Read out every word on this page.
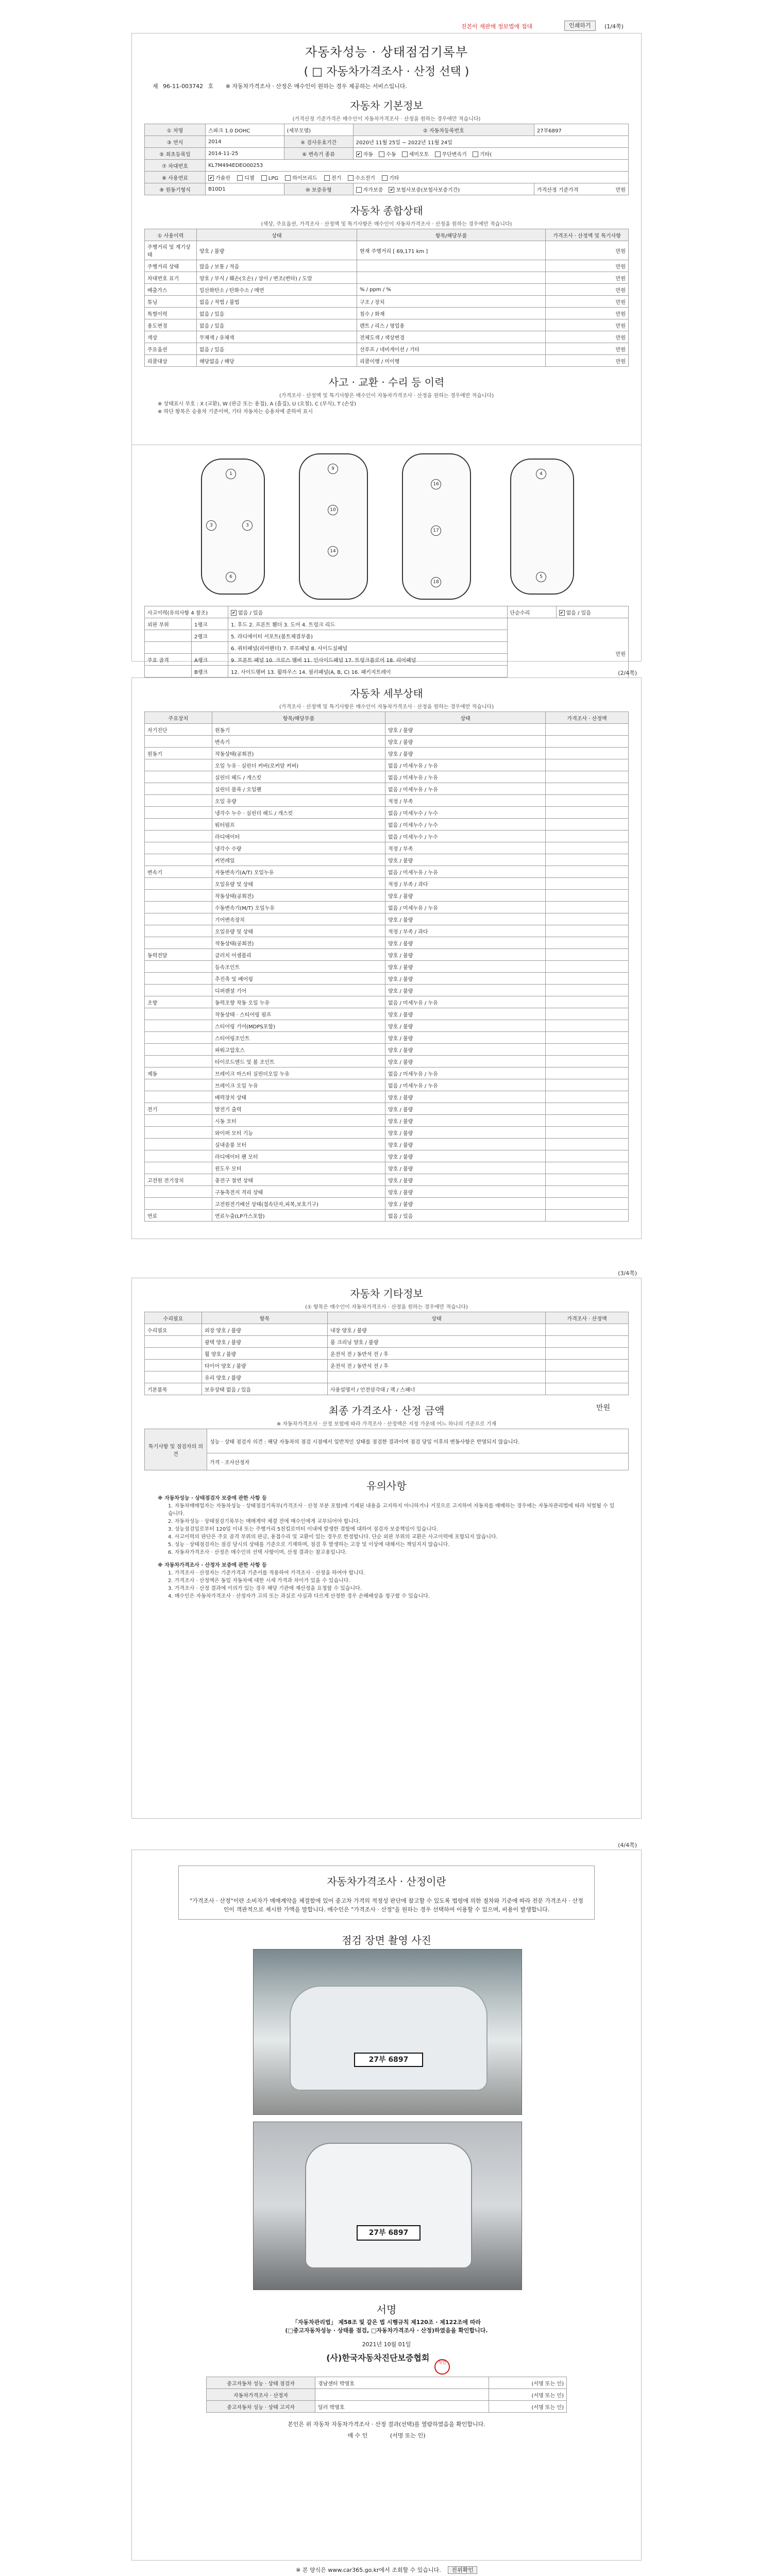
진본이 재판매 정보법에 접대	인쇄하기	(1/4쪽)
자동차성능 · 상태점검기록부
( □ 자동차가격조사 · 산정 선택 )
제 96-11-003742 호 ※ 자동차가격조사 · 산정은 매수인이 원하는 경우 제공하는 서비스입니다.
자동차 기본정보
(가격산정 기준가격은 매수인이 자동차가격조사 · 산정을 원하는 경우에만 적습니다)
① 차명	스파크 1.0 DOHC	(세부모델)	② 자동차등록번호	27부6897
③ 연식	2014	④ 검사유효기간	2020년 11월 25일 ~ 2022년 11월 24일	
⑤ 최초등록일	2014-11-25	⑥ 변속기 종류	✔자동 수동 세미오토 무단변속기 기타(
⑦ 차대번호	KL7M494EDEO00253			
⑧ 사용연료	✔가솔린 디젤 LPG 하이브리드 전기 수소전기 기타
⑨ 원동기형식	B10D1	⑩ 보증유형	자가보증 ✔ 보험사보증(보험사보증기간)	가격산정 기준가격 만원
자동차 종합상태
(색상, 주요옵션, 가격조사 · 산정액 및 특기사항은 매수인이 자동차가격조사 · 산정을 원하는 경우에만 적습니다)
① 사용이력	상태	항목/해당부품	가격조사 · 산정액 및 특기사항
주행거리 및 계기상태	양호 / 불량	현재 주행거리 [ 69,171 km ]	만원
주행거리 상태	많음 / 보통 / 적음		만원
차대번호 표기	양호 / 부식 / 훼손(오손) / 상이 / 변조(변타) / 도말		만원
배출가스	일산화탄소 / 탄화수소 / 매연	% / ppm / %	만원
튜닝	없음 / 적법 / 불법	구조 / 장치	만원
특별이력	없음 / 있음	침수 / 화재	만원
용도변경	없음 / 있음	렌트 / 리스 / 영업용	만원
색상	무채색 / 유채색	전체도색 / 색상변경	만원
주요옵션	없음 / 있음	선루프 / 네비게이션 / 기타	만원
리콜대상	해당없음 / 해당	리콜이행 / 미이행	만원
사고 · 교환 · 수리 등 이력
(가격조사 · 산정액 및 특기사항은 매수인이 자동차가격조사 · 산정을 원하는 경우에만 적습니다)
※ 상태표시 부호 : X (교환), W (판금 또는 용접), A (흠집), U (요철), C (부식), T (손상)
※ 하단 항목은 승용차 기준이며, 기타 자동차는 승용차에 준하여 표시
1
3	3
6
9
10
14
16
17
18
4
5
사고이력(유의사항 4 참조)	✔없음 / 있음	단순수리	✔없음 / 있음
외판 부위	1랭크	1. 후드 2. 프론트 휀더 3. 도어 4. 트렁크 리드	만원	
	2랭크	5. 라디에이터 서포트(볼트체결부품)		
		6. 쿼터패널(리어펜더) 7. 루프패널 8. 사이드실패널		
주요 골격	A랭크	9. 프론트 패널 10. 크로스 멤버 11. 인사이드패널 17. 트렁크플로어 18. 리어패널		
	B랭크	12. 사이드멤버 13. 휠하우스 14. 필러패널(A, B, C) 16. 패키지트레이		
			(2/4쪽)
자동차 세부상태
(가격조사 · 산정액 및 특기사항은 매수인이 자동차가격조사 · 산정을 원하는 경우에만 적습니다)
주요장치	항목/해당부품	상태	가격조사 · 산정액
자기진단	원동기	양호 / 불량	
	변속기	양호 / 불량	
원동기	작동상태(공회전)	양호 / 불량	
	오일 누유 · 실린더 커버(로커암 커버)	없음 / 미세누유 / 누유	
	실린더 헤드 / 개스킷	없음 / 미세누유 / 누유	
	실린더 블록 / 오일팬	없음 / 미세누유 / 누유	
	오일 유량	적정 / 부족	
	냉각수 누수 · 실린더 헤드 / 개스킷	없음 / 미세누수 / 누수	
	워터펌프	없음 / 미세누수 / 누수	
	라디에이터	없음 / 미세누수 / 누수	
	냉각수 수량	적정 / 부족	
	커먼레일	양호 / 불량	
변속기	자동변속기(A/T) 오일누유	없음 / 미세누유 / 누유	
	오일유량 및 상태	적정 / 부족 / 과다	
	작동상태(공회전)	양호 / 불량	
	수동변속기(M/T) 오일누유	없음 / 미세누유 / 누유	
	기어변속장치	양호 / 불량	
	오일유량 및 상태	적정 / 부족 / 과다	
	작동상태(공회전)	양호 / 불량	
동력전달	클러치 어셈블리	양호 / 불량	
	등속조인트	양호 / 불량	
	추진축 및 베어링	양호 / 불량	
	디퍼렌셜 기어	양호 / 불량	
조향	동력조향 작동 오일 누유	없음 / 미세누유 / 누유	
	작동상태 · 스티어링 펌프	양호 / 불량	
	스티어링 기어(MDPS포함)	양호 / 불량	
	스티어링조인트	양호 / 불량	
	파워고압호스	양호 / 불량	
	타이로드엔드 및 볼 조인트	양호 / 불량	
제동	브레이크 마스터 실린더오일 누유	없음 / 미세누유 / 누유	
	브레이크 오일 누유	없음 / 미세누유 / 누유	
	배력장치 상태	양호 / 불량	
전기	발전기 출력	양호 / 불량	
	시동 모터	양호 / 불량	
	와이퍼 모터 기능	양호 / 불량	
	실내송풍 모터	양호 / 불량	
	라디에이터 팬 모터	양호 / 불량	
	윈도우 모터	양호 / 불량	
고전원 전기장치	충전구 절연 상태	양호 / 불량	
	구동축전지 격리 상태	양호 / 불량	
	고전원전기배선 상태(접속단자,피복,보호기구)	양호 / 불량	
연료	연료누출(LP가스포함)	없음 / 있음	
(3/4쪽)
자동차 기타정보
(① 항목은 매수인이 자동차가격조사 · 산정을 원하는 경우에만 적습니다)
수리필요	항목	상태	가격조사 · 산정액
수리필요	외장 양호 / 불량	내장 양호 / 불량	
	광택 양호 / 불량	룸 크리닝 양호 / 불량	
	휠 양호 / 불량	운전석 전 / 동반석 전 / 후	
	타이어 양호 / 불량	운전석 전 / 동반석 전 / 후	
	유리 양호 / 불량		
기본품목	보유상태 없음 / 있음	사용설명서 / 안전삼각대 / 잭 / 스패너	
최종 가격조사 · 산정 금액	만원
※ 자동차가격조사 · 산정 보험에 따라 가격조사 · 산정액은 지정 가운데 어느 하나의 기준으로 기재
특기사항 및 점검자의 의견	성능 · 상태 점검자 의견 : 해당 자동차의 점검 시점에서 일반적인 상태를 점검한 결과이며 점검 당일 이후의 변동사항은 반영되지 않습니다.
가격 · 조사산정자
유의사항
※ 자동차성능 · 상태점검자 보증에 관한 사항 등
1. 자동차매매업자는 자동차성능 · 상태점검기록부(가격조사 · 산정 부분 포함)에 기재된 내용을 고지하지 아니하거나 거짓으로 고지하여 자동차를 매매하는 경우에는 자동차관리법에 따라 처벌될 수 있습니다.
2. 자동차성능 · 상태점검기록부는 매매계약 체결 전에 매수인에게 교부되어야 합니다.
3. 성능점검일로부터 120일 이내 또는 주행거리 5천킬로미터 이내에 발생한 결함에 대하여 점검자 보증책임이 있습니다.
4. 사고이력의 판단은 주요 골격 부위의 판금, 용접수리 및 교환이 있는 경우로 한정합니다. 단순 외판 부위의 교환은 사고이력에 포함되지 않습니다.
5. 성능 · 상태점검자는 점검 당시의 상태를 기준으로 기재하며, 점검 후 발생하는 고장 및 이상에 대해서는 책임지지 않습니다.
6. 자동차가격조사 · 산정은 매수인의 선택 사항이며, 산정 결과는 참고용입니다.
※ 자동차가격조사 · 산정자 보증에 관한 사항 등
1. 가격조사 · 산정자는 기준가격과 기준서를 적용하여 가격조사 · 산정을 하여야 합니다.
2. 가격조사 · 산정액은 동일 자동차에 대한 시세 가격과 차이가 있을 수 있습니다.
3. 가격조사 · 산정 결과에 이의가 있는 경우 해당 기관에 재산정을 요청할 수 있습니다.
4. 매수인은 자동차가격조사 · 산정자가 고의 또는 과실로 사실과 다르게 산정한 경우 손해배상을 청구할 수 있습니다.
(4/4쪽)
자동차가격조사 · 산정이란
"가격조사 · 산정"이란 소비자가 매매계약을 체결함에 있어 중고차 가격의 적정성 판단에 참고할 수 있도록 법령에 의한 절차와 기준에 따라 전문 가격조사 · 산정인이 객관적으로 제시한 가액을 말합니다. 매수인은 "가격조사 · 산정"을 원하는 경우 선택하여 이용할 수 있으며, 비용이 발생합니다.
점검 장면 촬영 사진
27부 6897
27부 6897
서명
「자동차관리법」 제58조 및 같은 법 시행규칙 제120조 · 제122조에 따라
(□중고자동차성능 · 상태를 점검, □자동차가격조사 · 산정)하였음을 확인합니다.
2021년 10월 01일
(사)한국자동차진단보증협회 직인
중고자동차 성능 · 상태 점검자	경남센터 박영호	(서명 또는 인)
자동차가격조사 · 산정자		(서명 또는 인)
중고자동차 성능 · 상태 고지자	딜러 박영호	(서명 또는 인)
본인은 위 자동차 자동차가격조사 · 산정 결과(선택)를 열람하였음을 확인합니다.
매 수 인	(서명 또는 인)
※ 본 양식은 www.car365.go.kr에서 조회할 수 있습니다. 진위확인
